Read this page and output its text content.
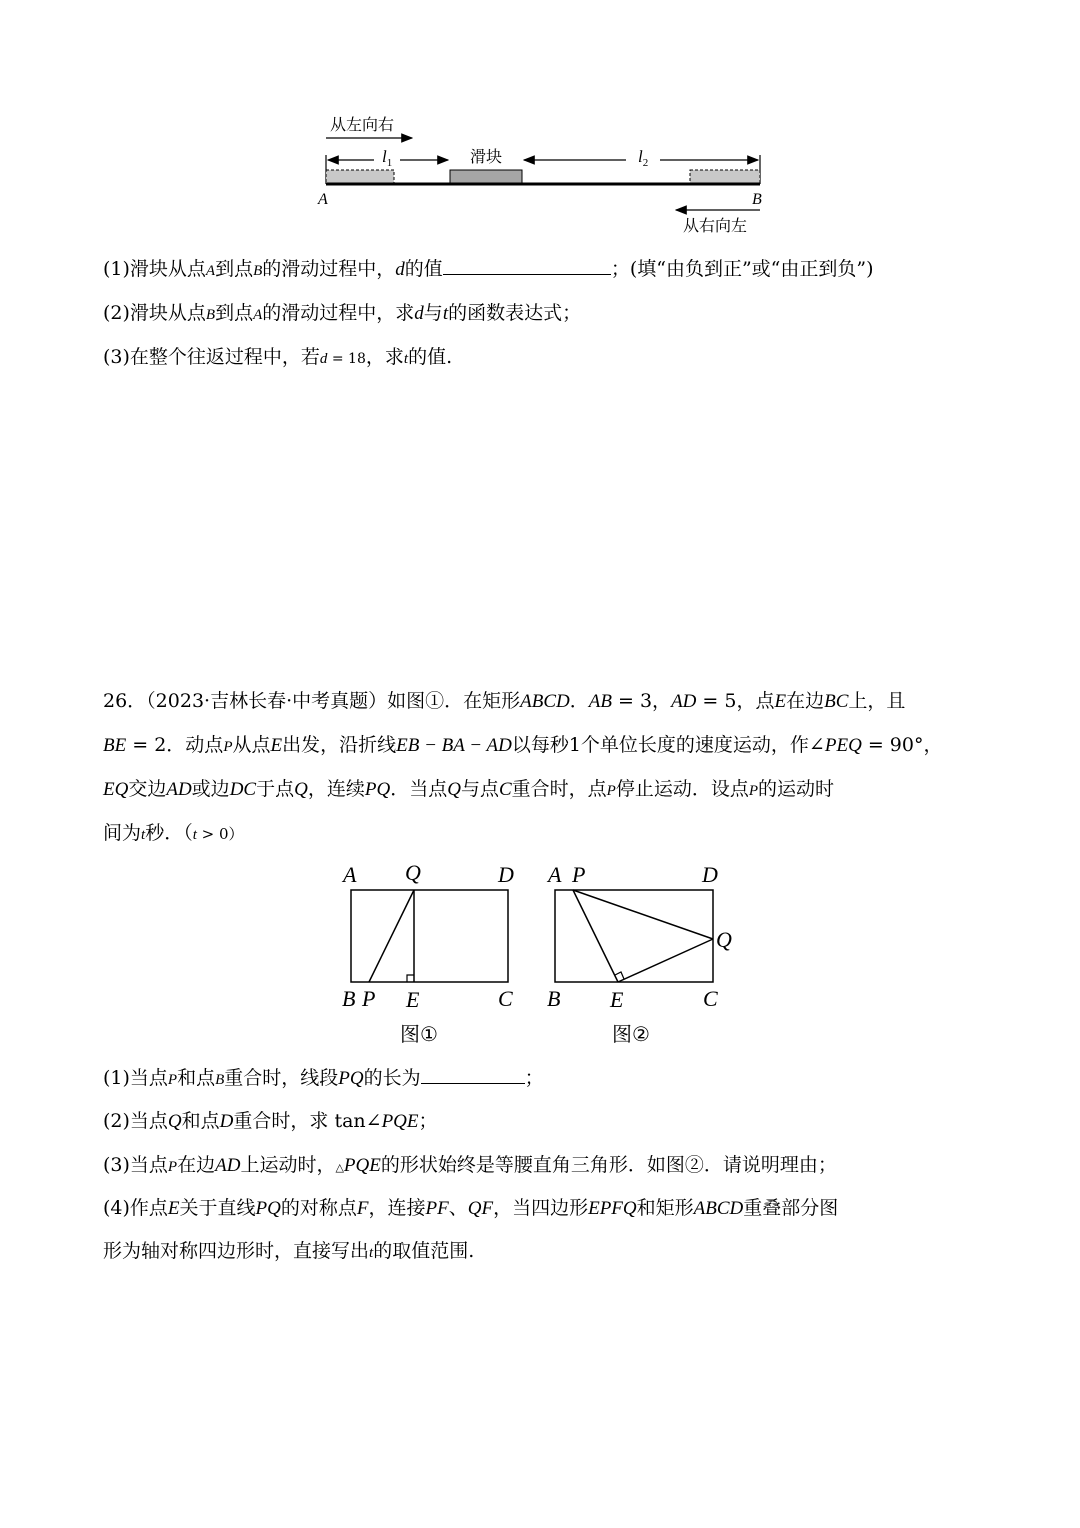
从左向右
$l_1$	$l_2$
滑块
A	B
从右向左
(1)滑块从点A到点B的滑动过程中，d的值	；(填“由负到正”或“由正到负”)
(2)滑块从点B到点A的滑动过程中，求d与t的函数表达式；
(3)在整个往返过程中，若d = 18，求t的值.
26．（2023·吉林长春·中考真题）如图①．在矩形ABCD．AB = 3，AD = 5，点E在边BC上，且
BE = 2．动点P从点E出发，沿折线EB − BA − AD以每秒1个单位长度的速度运动，作∠PEQ = 90°，
EQ交边AD或边DC于点Q，连续PQ．当点Q与点C重合时，点P停止运动．设点P的运动时
间为t秒．（t > 0）
A Q	D
B P E	C
图①
A P	D
Q
B E	C
图②
(1)当点P和点B重合时，线段PQ的长为	；
(2)当点Q和点D重合时，求 tan∠PQE；
(3)当点P在边AD上运动时，△PQE的形状始终是等腰直角三角形．如图②．请说明理由；
(4)作点E关于直线PQ的对称点F，连接PF、QF，当四边形EPFQ和矩形ABCD重叠部分图
形为轴对称四边形时，直接写出t的取值范围.
